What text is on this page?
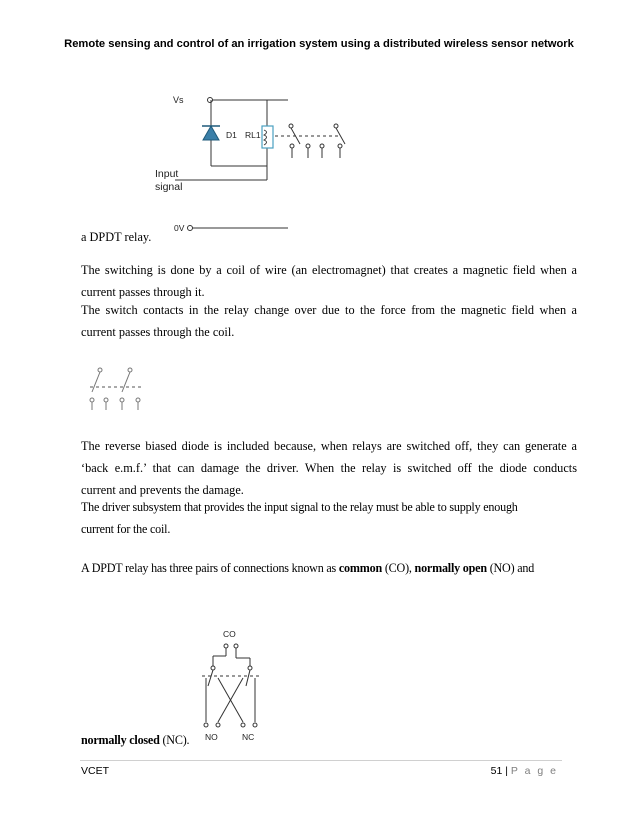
Remote sensing and control of an irrigation system using a distributed wireless sensor network
Vs
D1 RL1
Input
signal
0V
a DPDT relay.

The switching is done by a coil of wire (an electromagnet) that creates a magnetic field when a

current passes through it.

The switch contacts in the relay change over due to the force from the magnetic field when a

current passes through the coil.

The reverse biased diode is included because, when relays are switched off, they can generate a

‘back e.m.f.’ that can damage the driver. When the relay is switched off the diode conducts

current and prevents the damage.

The driver subsystem that provides the input signal to the relay must be able to supply enough

current for the coil.

A DPDT relay has three pairs of connections known as common (CO), normally open (NO) and

CO
NO	NC
normally closed (NC).
VCET	51 | P a g e
